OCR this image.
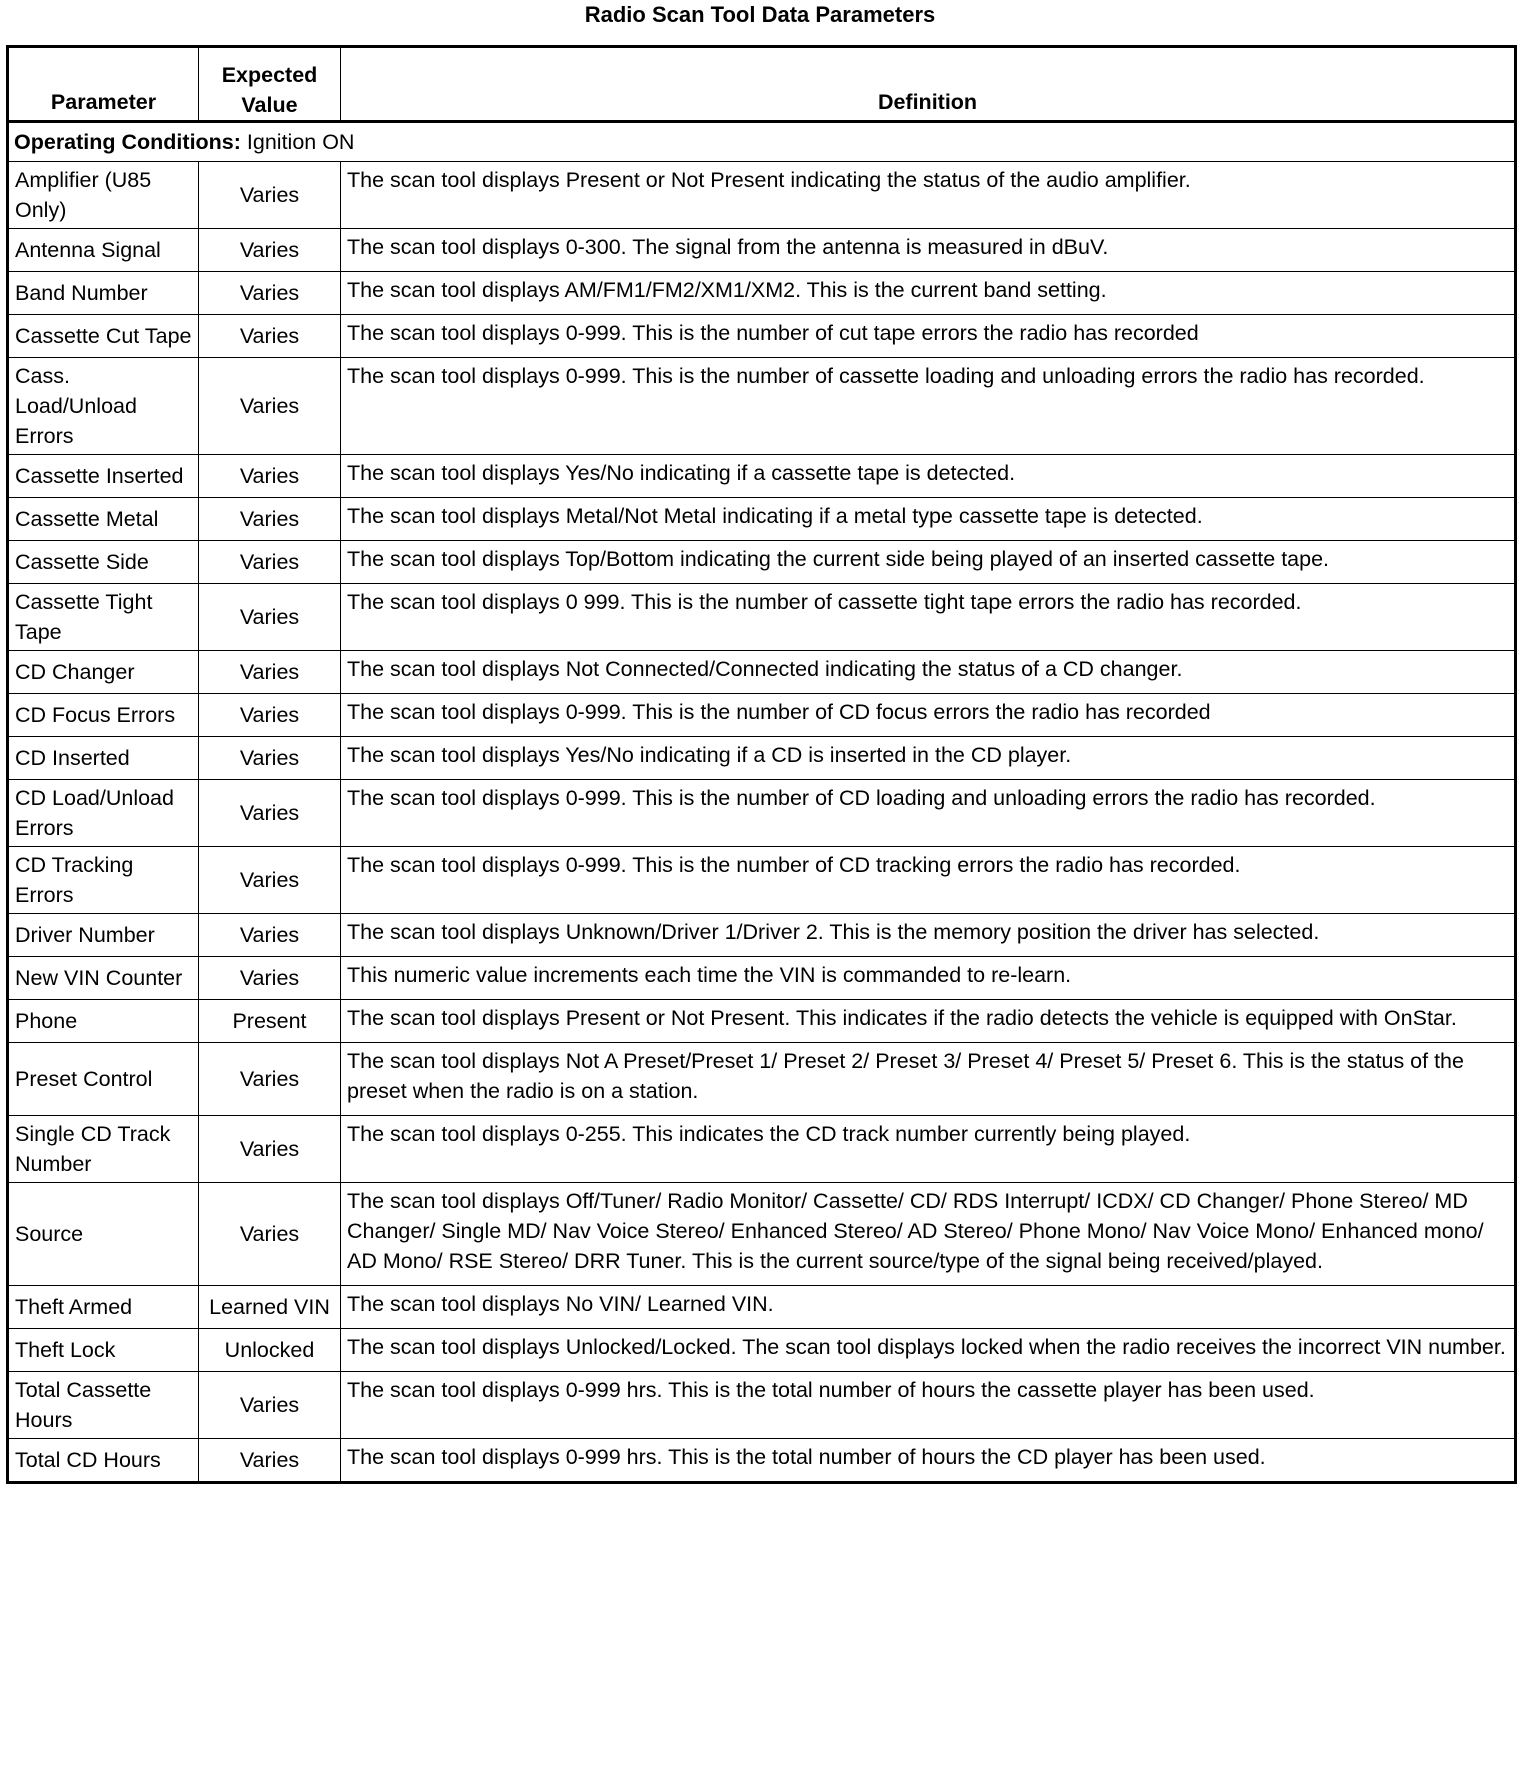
Radio Scan Tool Data Parameters
Parameter	Expected Value	Definition
Operating Conditions: Ignition ON		
Amplifier (U85 Only)	Varies	The scan tool displays Present or Not Present indicating the status of the audio amplifier.
Antenna Signal	Varies	The scan tool displays 0-300. The signal from the antenna is measured in dBuV.
Band Number	Varies	The scan tool displays AM/FM1/FM2/XM1/XM2. This is the current band setting.
Cassette Cut Tape	Varies	The scan tool displays 0-999. This is the number of cut tape errors the radio has recorded
Cass. Load/Unload Errors	Varies	The scan tool displays 0-999. This is the number of cassette loading and unloading errors the radio has recorded.
Cassette Inserted	Varies	The scan tool displays Yes/No indicating if a cassette tape is detected.
Cassette Metal	Varies	The scan tool displays Metal/Not Metal indicating if a metal type cassette tape is detected.
Cassette Side	Varies	The scan tool displays Top/Bottom indicating the current side being played of an inserted cassette tape.
Cassette Tight Tape	Varies	The scan tool displays 0 999. This is the number of cassette tight tape errors the radio has recorded.
CD Changer	Varies	The scan tool displays Not Connected/Connected indicating the status of a CD changer.
CD Focus Errors	Varies	The scan tool displays 0-999. This is the number of CD focus errors the radio has recorded
CD Inserted	Varies	The scan tool displays Yes/No indicating if a CD is inserted in the CD player.
CD Load/Unload Errors	Varies	The scan tool displays 0-999. This is the number of CD loading and unloading errors the radio has recorded.
CD Tracking Errors	Varies	The scan tool displays 0-999. This is the number of CD tracking errors the radio has recorded.
Driver Number	Varies	The scan tool displays Unknown/Driver 1/Driver 2. This is the memory position the driver has selected.
New VIN Counter	Varies	This numeric value increments each time the VIN is commanded to re-learn.
Phone	Present	The scan tool displays Present or Not Present. This indicates if the radio detects the vehicle is equipped with OnStar.
Preset Control	Varies	The scan tool displays Not A Preset/Preset 1/ Preset 2/ Preset 3/ Preset 4/ Preset 5/ Preset 6. This is the status of the preset when the radio is on a station.
Single CD Track Number	Varies	The scan tool displays 0-255. This indicates the CD track number currently being played.
Source	Varies	The scan tool displays Off/Tuner/ Radio Monitor/ Cassette/ CD/ RDS Interrupt/ ICDX/ CD Changer/ Phone Stereo/ MD Changer/ Single MD/ Nav Voice Stereo/ Enhanced Stereo/ AD Stereo/ Phone Mono/ Nav Voice Mono/ Enhanced mono/ AD Mono/ RSE Stereo/ DRR Tuner. This is the current source/type of the signal being received/played.
Theft Armed	Learned VIN	The scan tool displays No VIN/ Learned VIN.
Theft Lock	Unlocked	The scan tool displays Unlocked/Locked. The scan tool displays locked when the radio receives the incorrect VIN number.
Total Cassette Hours	Varies	The scan tool displays 0-999 hrs. This is the total number of hours the cassette player has been used.
Total CD Hours	Varies	The scan tool displays 0-999 hrs. This is the total number of hours the CD player has been used.
